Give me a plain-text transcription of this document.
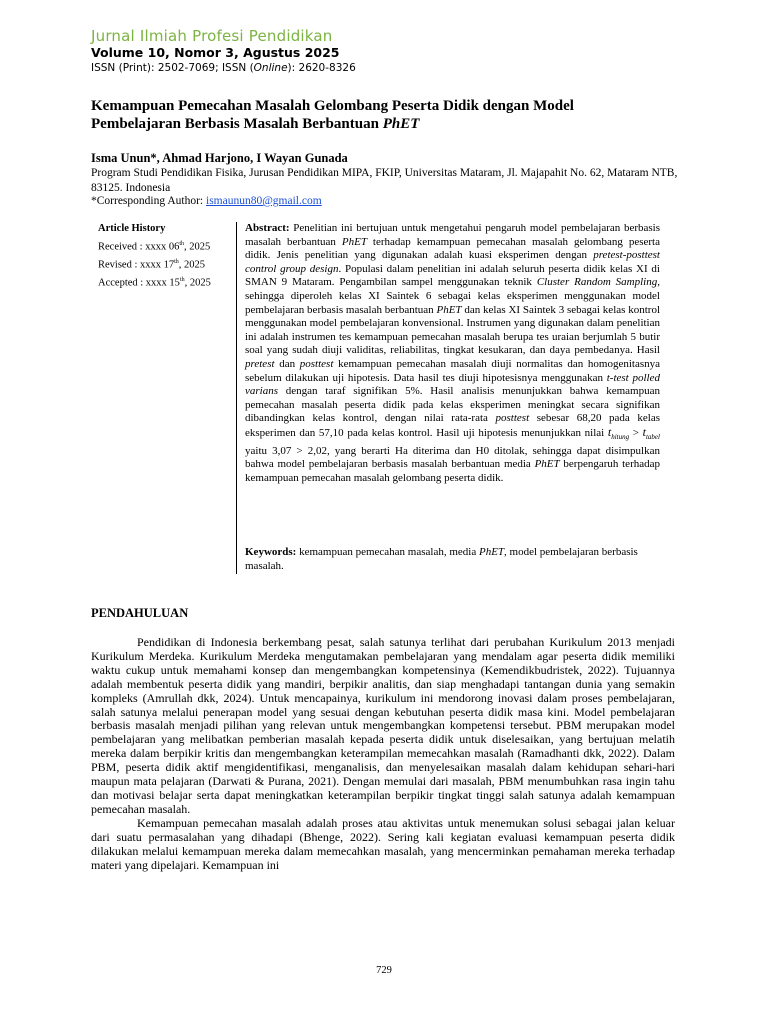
Jurnal Ilmiah Profesi Pendidikan
Volume 10, Nomor 3, Agustus 2025
ISSN (Print): 2502-7069; ISSN (Online): 2620-8326
Kemampuan Pemecahan Masalah Gelombang Peserta Didik dengan Model
Pembelajaran Berbasis Masalah Berbantuan PhET
Isma Unun*, Ahmad Harjono, I Wayan Gunada
Program Studi Pendidikan Fisika, Jurusan Pendidikan MIPA, FKIP, Universitas Mataram, Jl. Majapahit No. 62, Mataram NTB, 83125. Indonesia
*Corresponding Author: ismaunun80@gmail.com
Article History
Received : xxxx 06th, 2025
Revised : xxxx 17th, 2025
Accepted : xxxx 15th, 2025
Abstract: Penelitian ini bertujuan untuk mengetahui pengaruh model pembelajaran berbasis masalah berbantuan PhET terhadap kemampuan pemecahan masalah gelombang peserta didik. Jenis penelitian yang digunakan adalah kuasi eksperimen dengan pretest-posttest control group design. Populasi dalam penelitian ini adalah seluruh peserta didik kelas XI di SMAN 9 Mataram. Pengambilan sampel menggunakan teknik Cluster Random Sampling, sehingga diperoleh kelas XI Saintek 6 sebagai kelas eksperimen menggunakan model pembelajaran berbasis masalah berbantuan PhET dan kelas XI Saintek 3 sebagai kelas kontrol menggunakan model pembelajaran konvensional. Instrumen yang digunakan dalam penelitian ini adalah instrumen tes kemampuan pemecahan masalah berupa tes uraian berjumlah 5 butir soal yang sudah diuji validitas, reliabilitas, tingkat kesukaran, dan daya pembedanya. Hasil pretest dan posttest kemampuan pemecahan masalah diuji normalitas dan homogenitasnya sebelum dilakukan uji hipotesis. Data hasil tes diuji hipotesisnya menggunakan t-test polled varians dengan taraf signifikan 5%. Hasil analisis menunjukkan bahwa kemampuan pemecahan masalah peserta didik pada kelas eksperimen meningkat secara signifikan dibandingkan kelas kontrol, dengan nilai rata-rata posttest sebesar 68,20 pada kelas eksperimen dan 57,10 pada kelas kontrol. Hasil uji hipotesis menunjukkan nilai $t_{hitung} > t_{tabel}$ yaitu 3,07 > 2,02, yang berarti Ha diterima dan H0 ditolak, sehingga dapat disimpulkan bahwa model pembelajaran berbasis masalah berbantuan media PhET berpengaruh terhadap kemampuan pemecahan masalah gelombang peserta didik.
Keywords: kemampuan pemecahan masalah, media PhET, model pembelajaran berbasis masalah.
PENDAHULUAN

Pendidikan di Indonesia berkembang pesat, salah satunya terlihat dari perubahan Kurikulum 2013 menjadi Kurikulum Merdeka. Kurikulum Merdeka mengutamakan pembelajaran yang mendalam agar peserta didik memiliki waktu cukup untuk memahami konsep dan mengembangkan kompetensinya (Kemendikbudristek, 2022). Tujuannya adalah membentuk peserta didik yang mandiri, berpikir analitis, dan siap menghadapi tantangan dunia yang semakin kompleks (Amrullah dkk, 2024). Untuk mencapainya, kurikulum ini mendorong inovasi dalam proses pembelajaran, salah satunya melalui penerapan model yang sesuai dengan kebutuhan peserta didik masa kini. Model pembelajaran berbasis masalah menjadi pilihan yang relevan untuk mengembangkan kompetensi tersebut. PBM merupakan model pembelajaran yang melibatkan pemberian masalah kepada peserta didik untuk diselesaikan, yang bertujuan melatih mereka dalam berpikir kritis dan mengembangkan keterampilan memecahkan masalah (Ramadhanti dkk, 2022). Dalam PBM, peserta didik aktif mengidentifikasi, menganalisis, dan menyelesaikan masalah dalam kehidupan sehari-hari maupun mata pelajaran (Darwati & Purana, 2021). Dengan memulai dari masalah, PBM menumbuhkan rasa ingin tahu dan motivasi belajar serta dapat meningkatkan keterampilan berpikir tingkat tinggi salah satunya adalah kemampuan pemecahan masalah.

Kemampuan pemecahan masalah adalah proses atau aktivitas untuk menemukan solusi sebagai jalan keluar dari suatu permasalahan yang dihadapi (Bhenge, 2022). Sering kali kegiatan evaluasi kemampuan peserta didik dilakukan melalui kemampuan mereka dalam memecahkan masalah, yang mencerminkan pemahaman mereka terhadap materi yang dipelajari. Kemampuan ini

729
